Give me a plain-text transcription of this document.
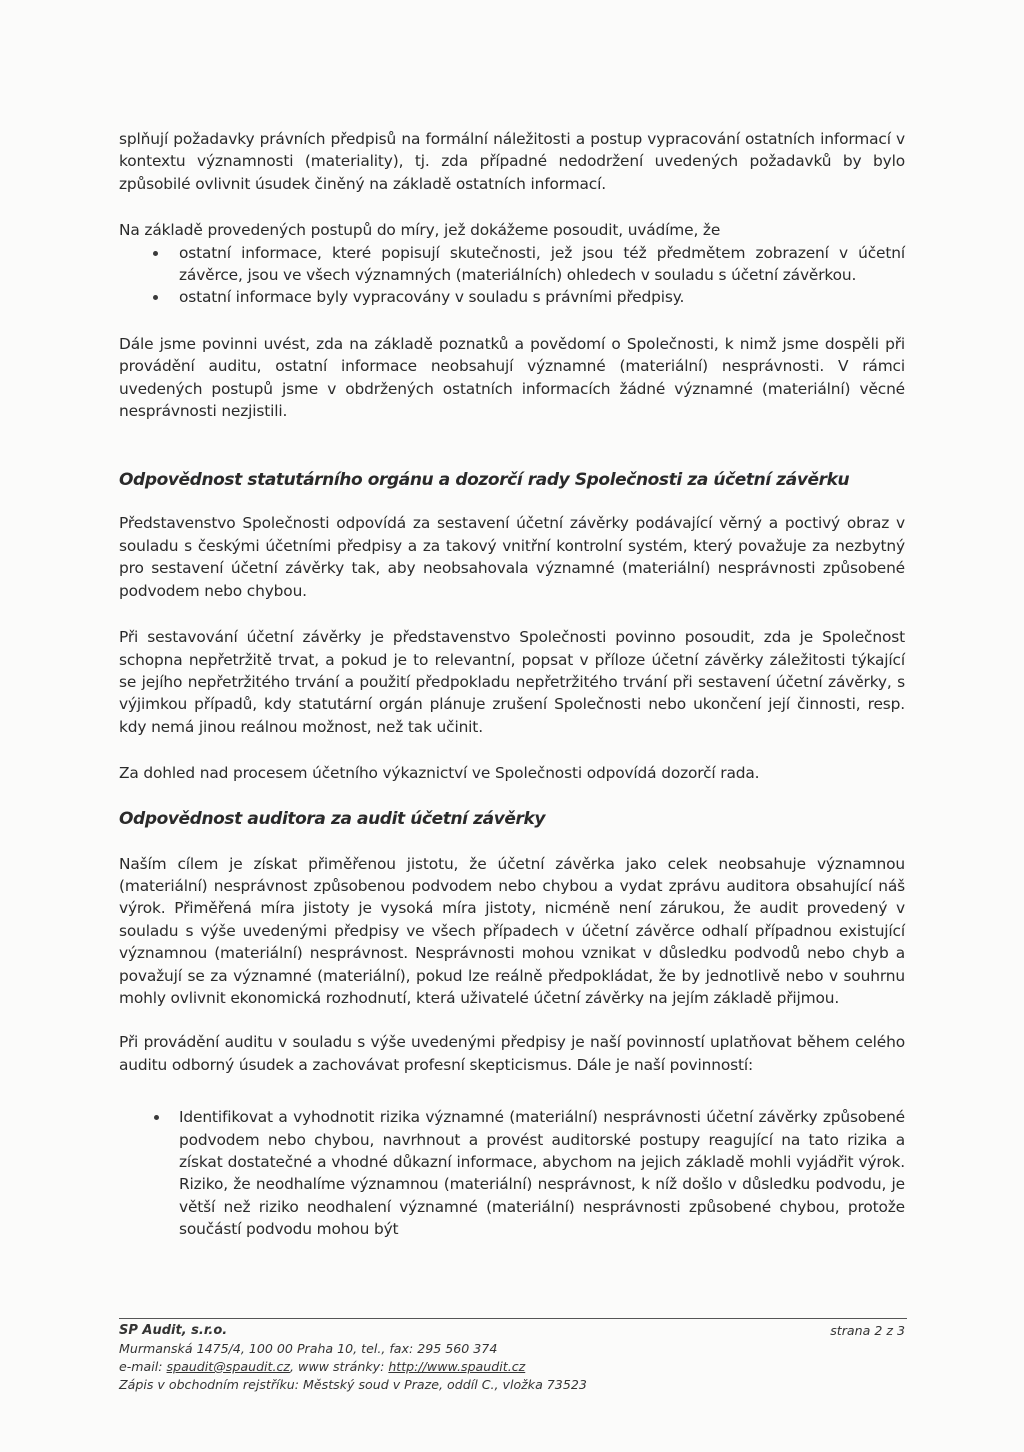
splňují požadavky právních předpisů na formální náležitosti a postup vypracování ostatních informací v kontextu významnosti (materiality), tj. zda případné nedodržení uvedených požadavků by bylo způsobilé ovlivnit úsudek činěný na základě ostatních informací.

Na základě provedených postupů do míry, jež dokážeme posoudit, uvádíme, že

ostatní informace, které popisují skutečnosti, jež jsou též předmětem zobrazení v účetní závěrce, jsou ve všech významných (materiálních) ohledech v souladu s účetní závěrkou.
ostatní informace byly vypracovány v souladu s právními předpisy.

Dále jsme povinni uvést, zda na základě poznatků a povědomí o Společnosti, k nimž jsme dospěli při provádění auditu, ostatní informace neobsahují významné (materiální) nesprávnosti. V rámci uvedených postupů jsme v obdržených ostatních informacích žádné významné (materiální) věcné nesprávnosti nezjistili.

Odpovědnost statutárního orgánu a dozorčí rady Společnosti za účetní závěrku

Představenstvo Společnosti odpovídá za sestavení účetní závěrky podávající věrný a poctivý obraz v souladu s českými účetními předpisy a za takový vnitřní kontrolní systém, který považuje za nezbytný pro sestavení účetní závěrky tak, aby neobsahovala významné (materiální) nesprávnosti způsobené podvodem nebo chybou.

Při sestavování účetní závěrky je představenstvo Společnosti povinno posoudit, zda je Společnost schopna nepřetržitě trvat, a pokud je to relevantní, popsat v příloze účetní závěrky záležitosti týkající se jejího nepřetržitého trvání a použití předpokladu nepřetržitého trvání při sestavení účetní závěrky, s výjimkou případů, kdy statutární orgán plánuje zrušení Společnosti nebo ukončení její činnosti, resp. kdy nemá jinou reálnou možnost, než tak učinit.

Za dohled nad procesem účetního výkaznictví ve Společnosti odpovídá dozorčí rada.

Odpovědnost auditora za audit účetní závěrky

Naším cílem je získat přiměřenou jistotu, že účetní závěrka jako celek neobsahuje významnou (materiální) nesprávnost způsobenou podvodem nebo chybou a vydat zprávu auditora obsahující náš výrok. Přiměřená míra jistoty je vysoká míra jistoty, nicméně není zárukou, že audit provedený v souladu s výše uvedenými předpisy ve všech případech v účetní závěrce odhalí případnou existující významnou (materiální) nesprávnost. Nesprávnosti mohou vznikat v důsledku podvodů nebo chyb a považují se za významné (materiální), pokud lze reálně předpokládat, že by jednotlivě nebo v souhrnu mohly ovlivnit ekonomická rozhodnutí, která uživatelé účetní závěrky na jejím základě přijmou.

Při provádění auditu v souladu s výše uvedenými předpisy je naší povinností uplatňovat během celého auditu odborný úsudek a zachovávat profesní skepticismus. Dále je naší povinností:

Identifikovat a vyhodnotit rizika významné (materiální) nesprávnosti účetní závěrky způsobené podvodem nebo chybou, navrhnout a provést auditorské postupy reagující na tato rizika a získat dostatečné a vhodné důkazní informace, abychom na jejich základě mohli vyjádřit výrok. Riziko, že neodhalíme významnou (materiální) nesprávnost, k níž došlo v důsledku podvodu, je větší než riziko neodhalení významné (materiální) nesprávnosti způsobené chybou, protože součástí podvodu mohou být
SP Audit, s.r.o.	strana 2 z 3
Murmanská 1475/4, 100 00 Praha 10, tel., fax: 295 560 374
e-mail: spaudit@spaudit.cz, www stránky: http://www.spaudit.cz
Zápis v obchodním rejstříku: Městský soud v Praze, oddíl C., vložka 73523
